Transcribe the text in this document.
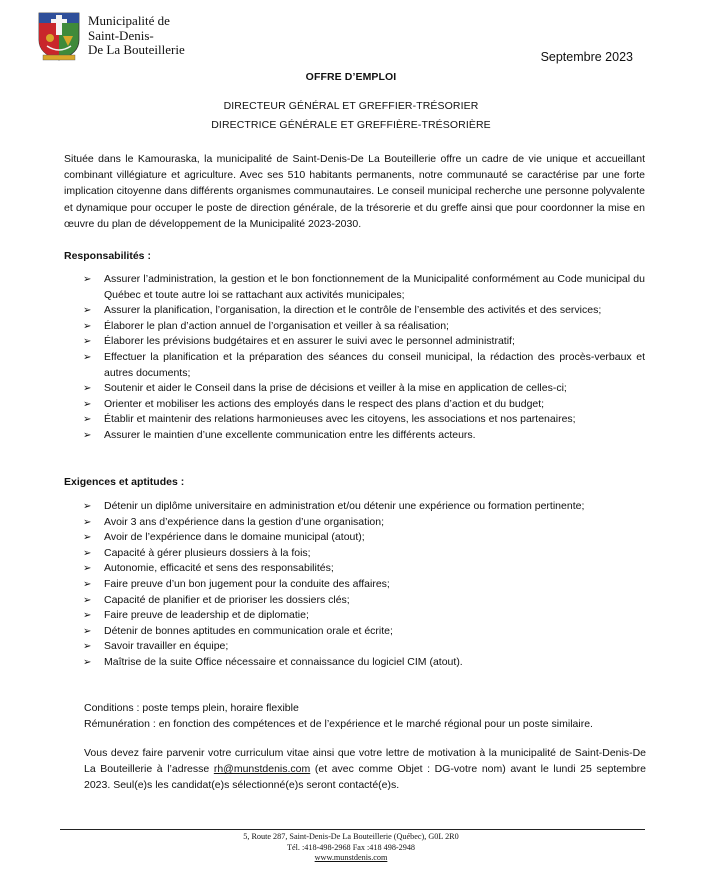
Municipalité de
Saint-Denis-
De La Bouteillerie	Septembre 2023
OFFRE D’EMPLOI
DIRECTEUR GÉNÉRAL ET GREFFIER-TRÉSORIER
DIRECTRICE GÉNÉRALE ET GREFFIÈRE-TRÉSORIÈRE
Située dans le Kamouraska, la municipalité de Saint-Denis-De La Bouteillerie offre un cadre de vie unique et accueillant combinant villégiature et agriculture. Avec ses 510 habitants permanents, notre communauté se caractérise par une forte implication citoyenne dans différents organismes communautaires. Le conseil municipal recherche une personne polyvalente et dynamique pour occuper le poste de direction générale, de la trésorerie et du greffe ainsi que pour coordonner la mise en œuvre du plan de développement de la Municipalité 2023-2030.
Responsabilités :
➢ Assurer l’administration, la gestion et le bon fonctionnement de la Municipalité conformément au Code municipal du Québec et toute autre loi se rattachant aux activités municipales;
➢ Assurer la planification, l’organisation, la direction et le contrôle de l’ensemble des activités et des services;
➢ Élaborer le plan d’action annuel de l’organisation et veiller à sa réalisation;
➢ Élaborer les prévisions budgétaires et en assurer le suivi avec le personnel administratif;
➢ Effectuer la planification et la préparation des séances du conseil municipal, la rédaction des procès-verbaux et autres documents;
➢ Soutenir et aider le Conseil dans la prise de décisions et veiller à la mise en application de celles-ci;
➢ Orienter et mobiliser les actions des employés dans le respect des plans d’action et du budget;
➢ Établir et maintenir des relations harmonieuses avec les citoyens, les associations et nos partenaires;
➢ Assurer le maintien d’une excellente communication entre les différents acteurs.
Exigences et aptitudes :
➢ Détenir un diplôme universitaire en administration et/ou détenir une expérience ou formation pertinente;
➢ Avoir 3 ans d’expérience dans la gestion d’une organisation;
➢ Avoir de l’expérience dans le domaine municipal (atout);
➢ Capacité à gérer plusieurs dossiers à la fois;
➢ Autonomie, efficacité et sens des responsabilités;
➢ Faire preuve d’un bon jugement pour la conduite des affaires;
➢ Capacité de planifier et de prioriser les dossiers clés;
➢ Faire preuve de leadership et de diplomatie;
➢ Détenir de bonnes aptitudes en communication orale et écrite;
➢ Savoir travailler en équipe;
➢ Maîtrise de la suite Office nécessaire et connaissance du logiciel CIM (atout).
Conditions : poste temps plein, horaire flexible
Rémunération : en fonction des compétences et de l’expérience et le marché régional pour un poste similaire.
Vous devez faire parvenir votre curriculum vitae ainsi que votre lettre de motivation à la municipalité de Saint-Denis-De La Bouteillerie à l’adresse rh@munstdenis.com (et avec comme Objet : DG-votre nom) avant le lundi 25 septembre 2023. Seul(e)s les candidat(e)s sélectionné(e)s seront contacté(e)s.
5, Route 287, Saint-Denis-De La Bouteillerie (Québec), G0L 2R0
Tél. :418-498-2968 Fax :418 498-2948
www.munstdenis.com
